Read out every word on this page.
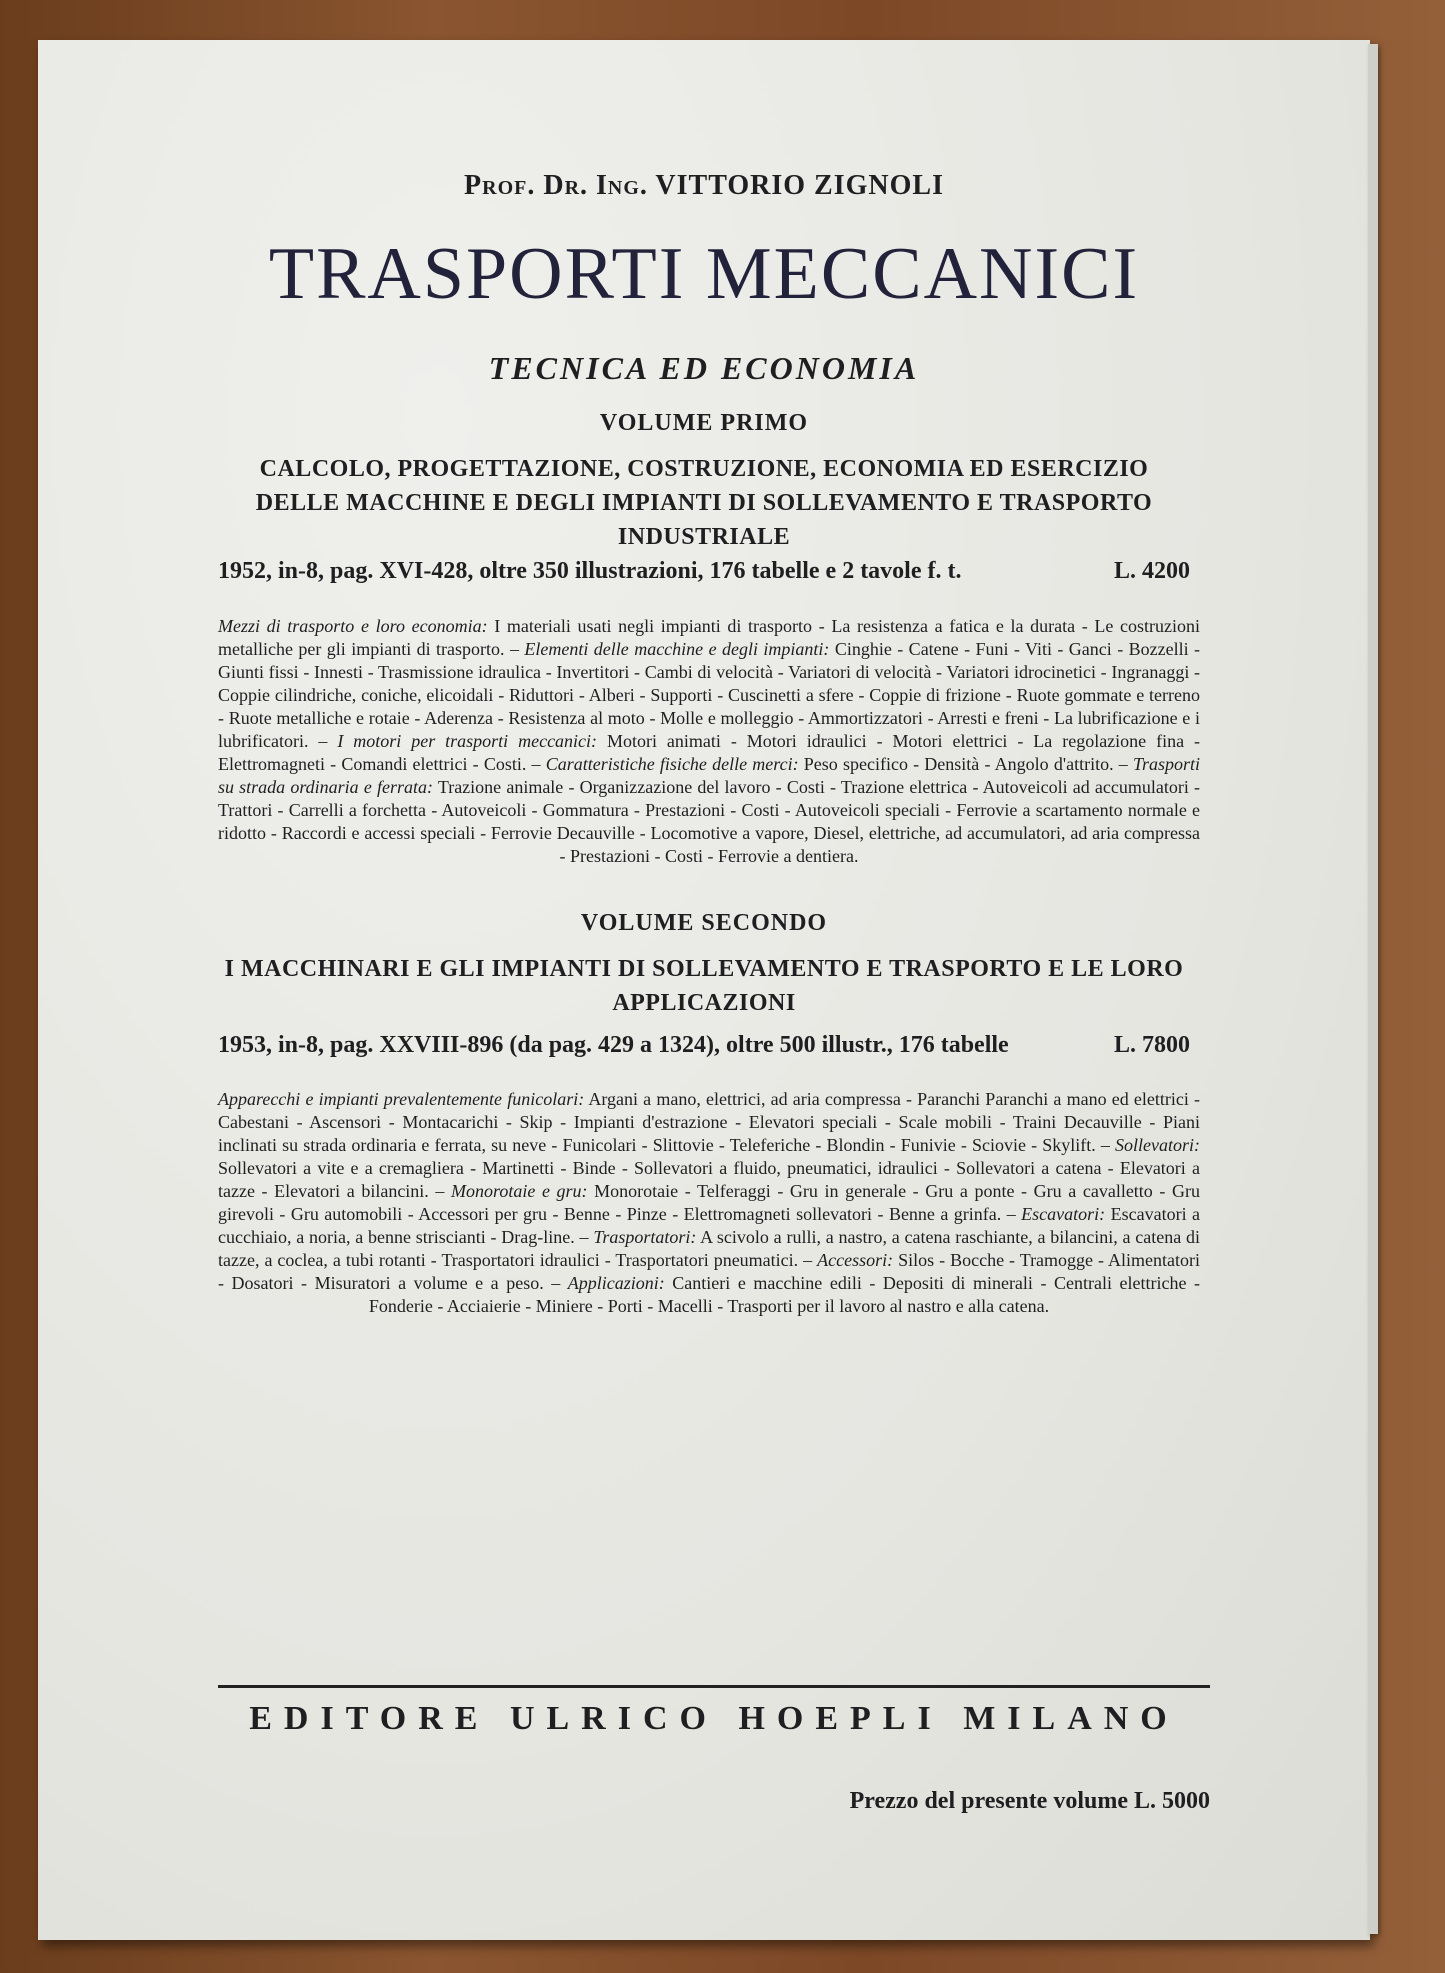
Prof. Dr. Ing. VITTORIO ZIGNOLI
TRASPORTI MECCANICI
TECNICA ED ECONOMIA
VOLUME PRIMO
CALCOLO, PROGETTAZIONE, COSTRUZIONE, ECONOMIA ED ESERCIZIO DELLE MACCHINE E DEGLI IMPIANTI DI SOLLEVAMENTO E TRASPORTO INDUSTRIALE
1952, in-8, pag. XVI-428, oltre 350 illustrazioni, 176 tabelle e 2 tavole f. t.	L. 4200
Mezzi di trasporto e loro economia: I materiali usati negli impianti di trasporto - La resistenza a fatica e la durata - Le costruzioni metalliche per gli impianti di trasporto. – Elementi delle macchine e degli impianti: Cinghie - Catene - Funi - Viti - Ganci - Bozzelli - Giunti fissi - Innesti - Trasmissione idraulica - Invertitori - Cambi di velocità - Variatori di velocità - Variatori idrocinetici - Ingranaggi - Coppie cilindriche, coniche, elicoidali - Riduttori - Alberi - Supporti - Cuscinetti a sfere - Coppie di frizione - Ruote gommate e terreno - Ruote metalliche e rotaie - Aderenza - Resistenza al moto - Molle e molleggio - Ammortizzatori - Arresti e freni - La lubrificazione e i lubrificatori. – I motori per trasporti meccanici: Motori animati - Motori idraulici - Motori elettrici - La regolazione fina - Elettromagneti - Comandi elettrici - Costi. – Caratteristiche fisiche delle merci: Peso specifico - Densità - Angolo d'attrito. – Trasporti su strada ordinaria e ferrata: Trazione animale - Organizzazione del lavoro - Costi - Trazione elettrica - Autoveicoli ad accumulatori - Trattori - Carrelli a forchetta - Autoveicoli - Gommatura - Prestazioni - Costi - Autoveicoli speciali - Ferrovie a scartamento normale e ridotto - Raccordi e accessi speciali - Ferrovie Decauville - Locomotive a vapore, Diesel, elettriche, ad accumulatori, ad aria compressa - Prestazioni - Costi - Ferrovie a dentiera.
VOLUME SECONDO
I MACCHINARI E GLI IMPIANTI DI SOLLEVAMENTO E TRASPORTO E LE LORO APPLICAZIONI
1953, in-8, pag. XXVIII-896 (da pag. 429 a 1324), oltre 500 illustr., 176 tabelle	L. 7800
Apparecchi e impianti prevalentemente funicolari: Argani a mano, elettrici, ad aria compressa - Paranchi Paranchi a mano ed elettrici - Cabestani - Ascensori - Montacarichi - Skip - Impianti d'estrazione - Elevatori speciali - Scale mobili - Traini Decauville - Piani inclinati su strada ordinaria e ferrata, su neve - Funicolari - Slittovie - Teleferiche - Blondin - Funivie - Sciovie - Skylift. – Sollevatori: Sollevatori a vite e a cremagliera - Martinetti - Binde - Sollevatori a fluido, pneumatici, idraulici - Sollevatori a catena - Elevatori a tazze - Elevatori a bilancini. – Monorotaie e gru: Monorotaie - Telferaggi - Gru in generale - Gru a ponte - Gru a cavalletto - Gru girevoli - Gru automobili - Accessori per gru - Benne - Pinze - Elettromagneti sollevatori - Benne a grinfa. – Escavatori: Escavatori a cucchiaio, a noria, a benne striscianti - Drag-line. – Trasportatori: A scivolo a rulli, a nastro, a catena raschiante, a bilancini, a catena di tazze, a coclea, a tubi rotanti - Trasportatori idraulici - Trasportatori pneumatici. – Accessori: Silos - Bocche - Tramogge - Alimentatori - Dosatori - Misuratori a volume e a peso. – Applicazioni: Cantieri e macchine edili - Depositi di minerali - Centrali elettriche - Fonderie - Acciaierie - Miniere - Porti - Macelli - Trasporti per il lavoro al nastro e alla catena.
EDITORE ULRICO HOEPLI MILANO
Prezzo del presente volume L. 5000
